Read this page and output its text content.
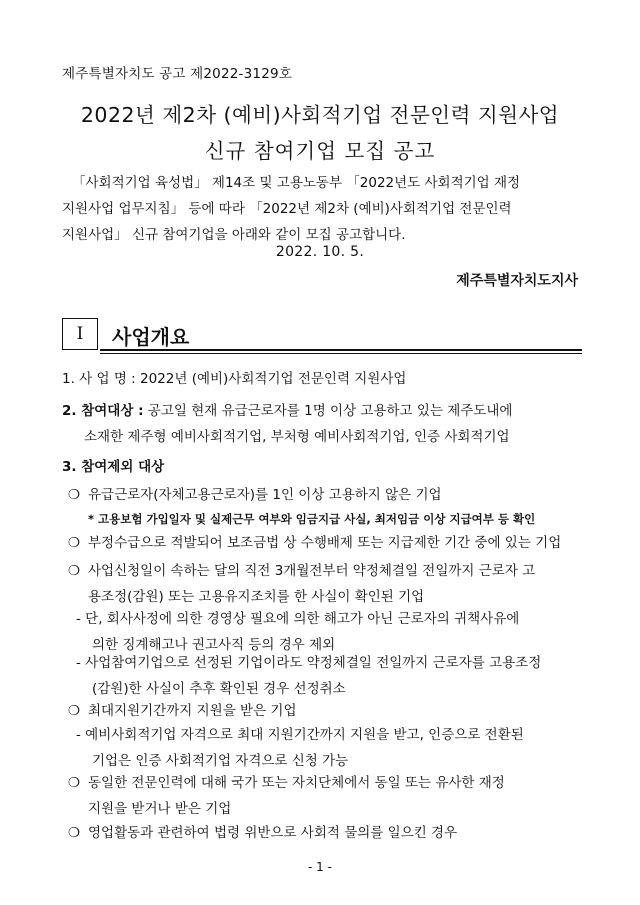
제주특별자치도 공고 제2022-3129호
2022년 제2차 (예비)사회적기업 전문인력 지원사업
신규 참여기업 모집 공고
「사회적기업 육성법」 제14조 및 고용노동부 「2022년도 사회적기업 재정
지원사업 업무지침」 등에 따라 「2022년 제2차 (예비)사회적기업 전문인력
지원사업」 신규 참여기업을 아래와 같이 모집 공고합니다.
2022. 10. 5.
제주특별자치도지사
Ⅰ	사업개요
1. 사 업 명 : 2022년 (예비)사회적기업 전문인력 지원사업
2. 참여대상 : 공고일 현재 유급근로자를 1명 이상 고용하고 있는 제주도내에
소재한 제주형 예비사회적기업, 부처형 예비사회적기업, 인증 사회적기업
3. 참여제외 대상
❍ 유급근로자(자체고용근로자)를 1인 이상 고용하지 않은 기업
* 고용보험 가입일자 및 실제근무 여부와 임금지급 사실, 최저임금 이상 지급여부 등 확인
❍ 부정수급으로 적발되어 보조금법 상 수행배제 또는 지급제한 기간 중에 있는 기업
❍ 사업신청일이 속하는 달의 직전 3개월전부터 약정체결일 전일까지 근로자 고
용조정(감원) 또는 고용유지조치를 한 사실이 확인된 기업
- 단, 회사사정에 의한 경영상 필요에 의한 해고가 아닌 근로자의 귀책사유에
의한 징계해고나 권고사직 등의 경우 제외
- 사업참여기업으로 선정된 기업이라도 약정체결일 전일까지 근로자를 고용조정
(감원)한 사실이 추후 확인된 경우 선정취소
❍ 최대지원기간까지 지원을 받은 기업
- 예비사회적기업 자격으로 최대 지원기간까지 지원을 받고, 인증으로 전환된
기업은 인증 사회적기업 자격으로 신청 가능
❍ 동일한 전문인력에 대해 국가 또는 자치단체에서 동일 또는 유사한 재정
지원을 받거나 받은 기업
❍ 영업활동과 관련하여 법령 위반으로 사회적 물의를 일으킨 경우
- 1 -
